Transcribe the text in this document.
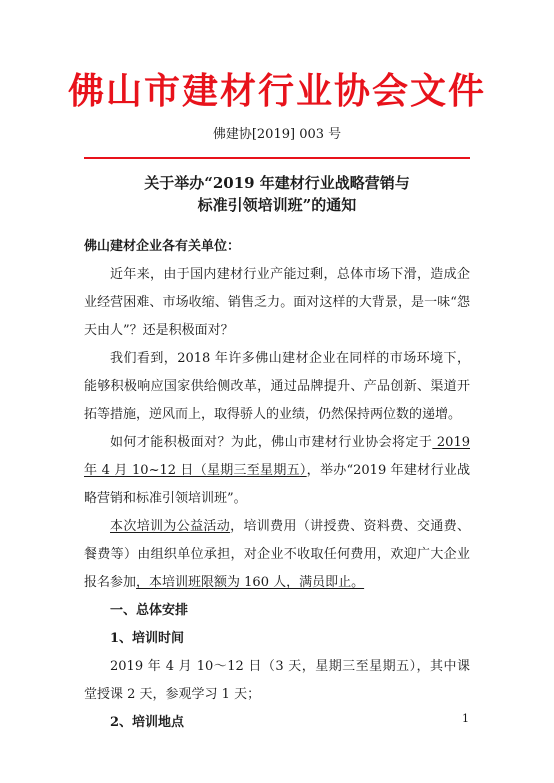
佛山市建材行业协会文件
佛建协[2019] 003 号
关于举办“2019 年建材行业战略营销与
标准引领培训班”的通知

佛山建材企业各有关单位：

近年来，由于国内建材行业产能过剩，总体市场下滑，造成企业经营困难、市场收缩、销售乏力。面对这样的大背景，是一味“怨天由人”？还是积极面对？

我们看到，2018 年许多佛山建材企业在同样的市场环境下，能够积极响应国家供给侧改革，通过品牌提升、产品创新、渠道开拓等措施，逆风而上，取得骄人的业绩，仍然保持两位数的递增。

如何才能积极面对？为此，佛山市建材行业协会将定于 2019 年 4 月 10~12 日（星期三至星期五），举办“2019 年建材行业战略营销和标准引领培训班”。

本次培训为公益活动，培训费用（讲授费、资料费、交通费、餐费等）由组织单位承担，对企业不收取任何费用，欢迎广大企业报名参加，本培训班限额为 160 人，满员即止。

一、总体安排

1、培训时间

2019 年 4 月 10～12 日（3 天，星期三至星期五），其中课堂授课 2 天，参观学习 1 天；

2、培训地点	1
